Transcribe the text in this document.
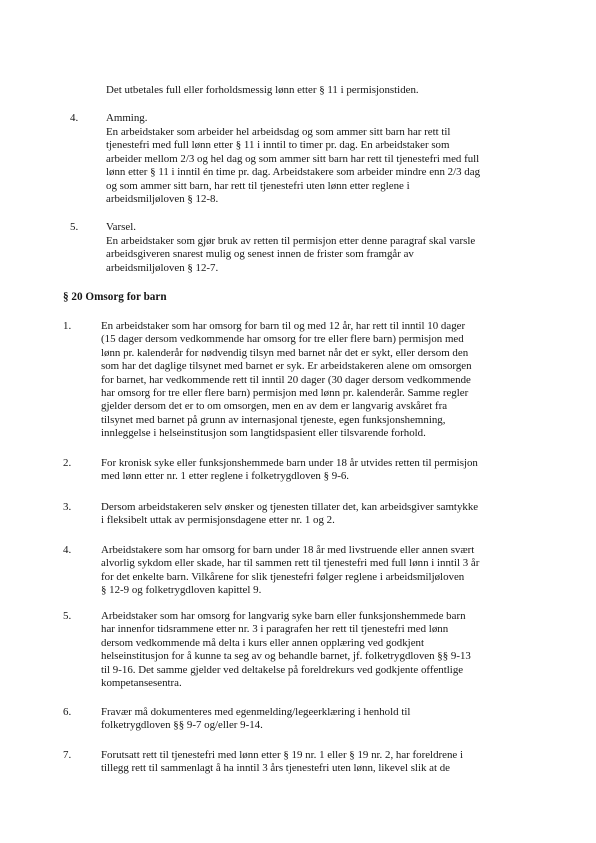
Det utbetales full eller forholdsmessig lønn etter § 11 i permisjonstiden.
4.	Amming.
En arbeidstaker som arbeider hel arbeidsdag og som ammer sitt barn har rett til
tjenestefri med full lønn etter § 11 i inntil to timer pr. dag. En arbeidstaker som
arbeider mellom 2/3 og hel dag og som ammer sitt barn har rett til tjenestefri med full
lønn etter § 11 i inntil én time pr. dag. Arbeidstakere som arbeider mindre enn 2/3 dag
og som ammer sitt barn, har rett til tjenestefri uten lønn etter reglene i
arbeidsmiljøloven § 12-8.
5.	Varsel.
En arbeidstaker som gjør bruk av retten til permisjon etter denne paragraf skal varsle
arbeidsgiveren snarest mulig og senest innen de frister som framgår av
arbeidsmiljøloven § 12-7.
§ 20 Omsorg for barn
1.	En arbeidstaker som har omsorg for barn til og med 12 år, har rett til inntil 10 dager
(15 dager dersom vedkommende har omsorg for tre eller flere barn) permisjon med
lønn pr. kalenderår for nødvendig tilsyn med barnet når det er sykt, eller dersom den
som har det daglige tilsynet med barnet er syk. Er arbeidstakeren alene om omsorgen
for barnet, har vedkommende rett til inntil 20 dager (30 dager dersom vedkommende
har omsorg for tre eller flere barn) permisjon med lønn pr. kalenderår. Samme regler
gjelder dersom det er to om omsorgen, men en av dem er langvarig avskåret fra
tilsynet med barnet på grunn av internasjonal tjeneste, egen funksjonshemning,
innleggelse i helseinstitusjon som langtidspasient eller tilsvarende forhold.
2.	For kronisk syke eller funksjonshemmede barn under 18 år utvides retten til permisjon
med lønn etter nr. 1 etter reglene i folketrygdloven § 9-6.
3.	Dersom arbeidstakeren selv ønsker og tjenesten tillater det, kan arbeidsgiver samtykke
i fleksibelt uttak av permisjonsdagene etter nr. 1 og 2.
4.	Arbeidstakere som har omsorg for barn under 18 år med livstruende eller annen svært
alvorlig sykdom eller skade, har til sammen rett til tjenestefri med full lønn i inntil 3 år
for det enkelte barn. Vilkårene for slik tjenestefri følger reglene i arbeidsmiljøloven
§ 12-9 og folketrygdloven kapittel 9.
5.	Arbeidstaker som har omsorg for langvarig syke barn eller funksjonshemmede barn
har innenfor tidsrammene etter nr. 3 i paragrafen her rett til tjenestefri med lønn
dersom vedkommende må delta i kurs eller annen opplæring ved godkjent
helseinstitusjon for å kunne ta seg av og behandle barnet, jf. folketrygdloven §§ 9-13
til 9-16. Det samme gjelder ved deltakelse på foreldrekurs ved godkjente offentlige
kompetansesentra.
6.	Fravær må dokumenteres med egenmelding/legeerklæring i henhold til
folketrygdloven §§ 9-7 og/eller 9-14.
7.	Forutsatt rett til tjenestefri med lønn etter § 19 nr. 1 eller § 19 nr. 2, har foreldrene i
tillegg rett til sammenlagt å ha inntil 3 års tjenestefri uten lønn, likevel slik at de
